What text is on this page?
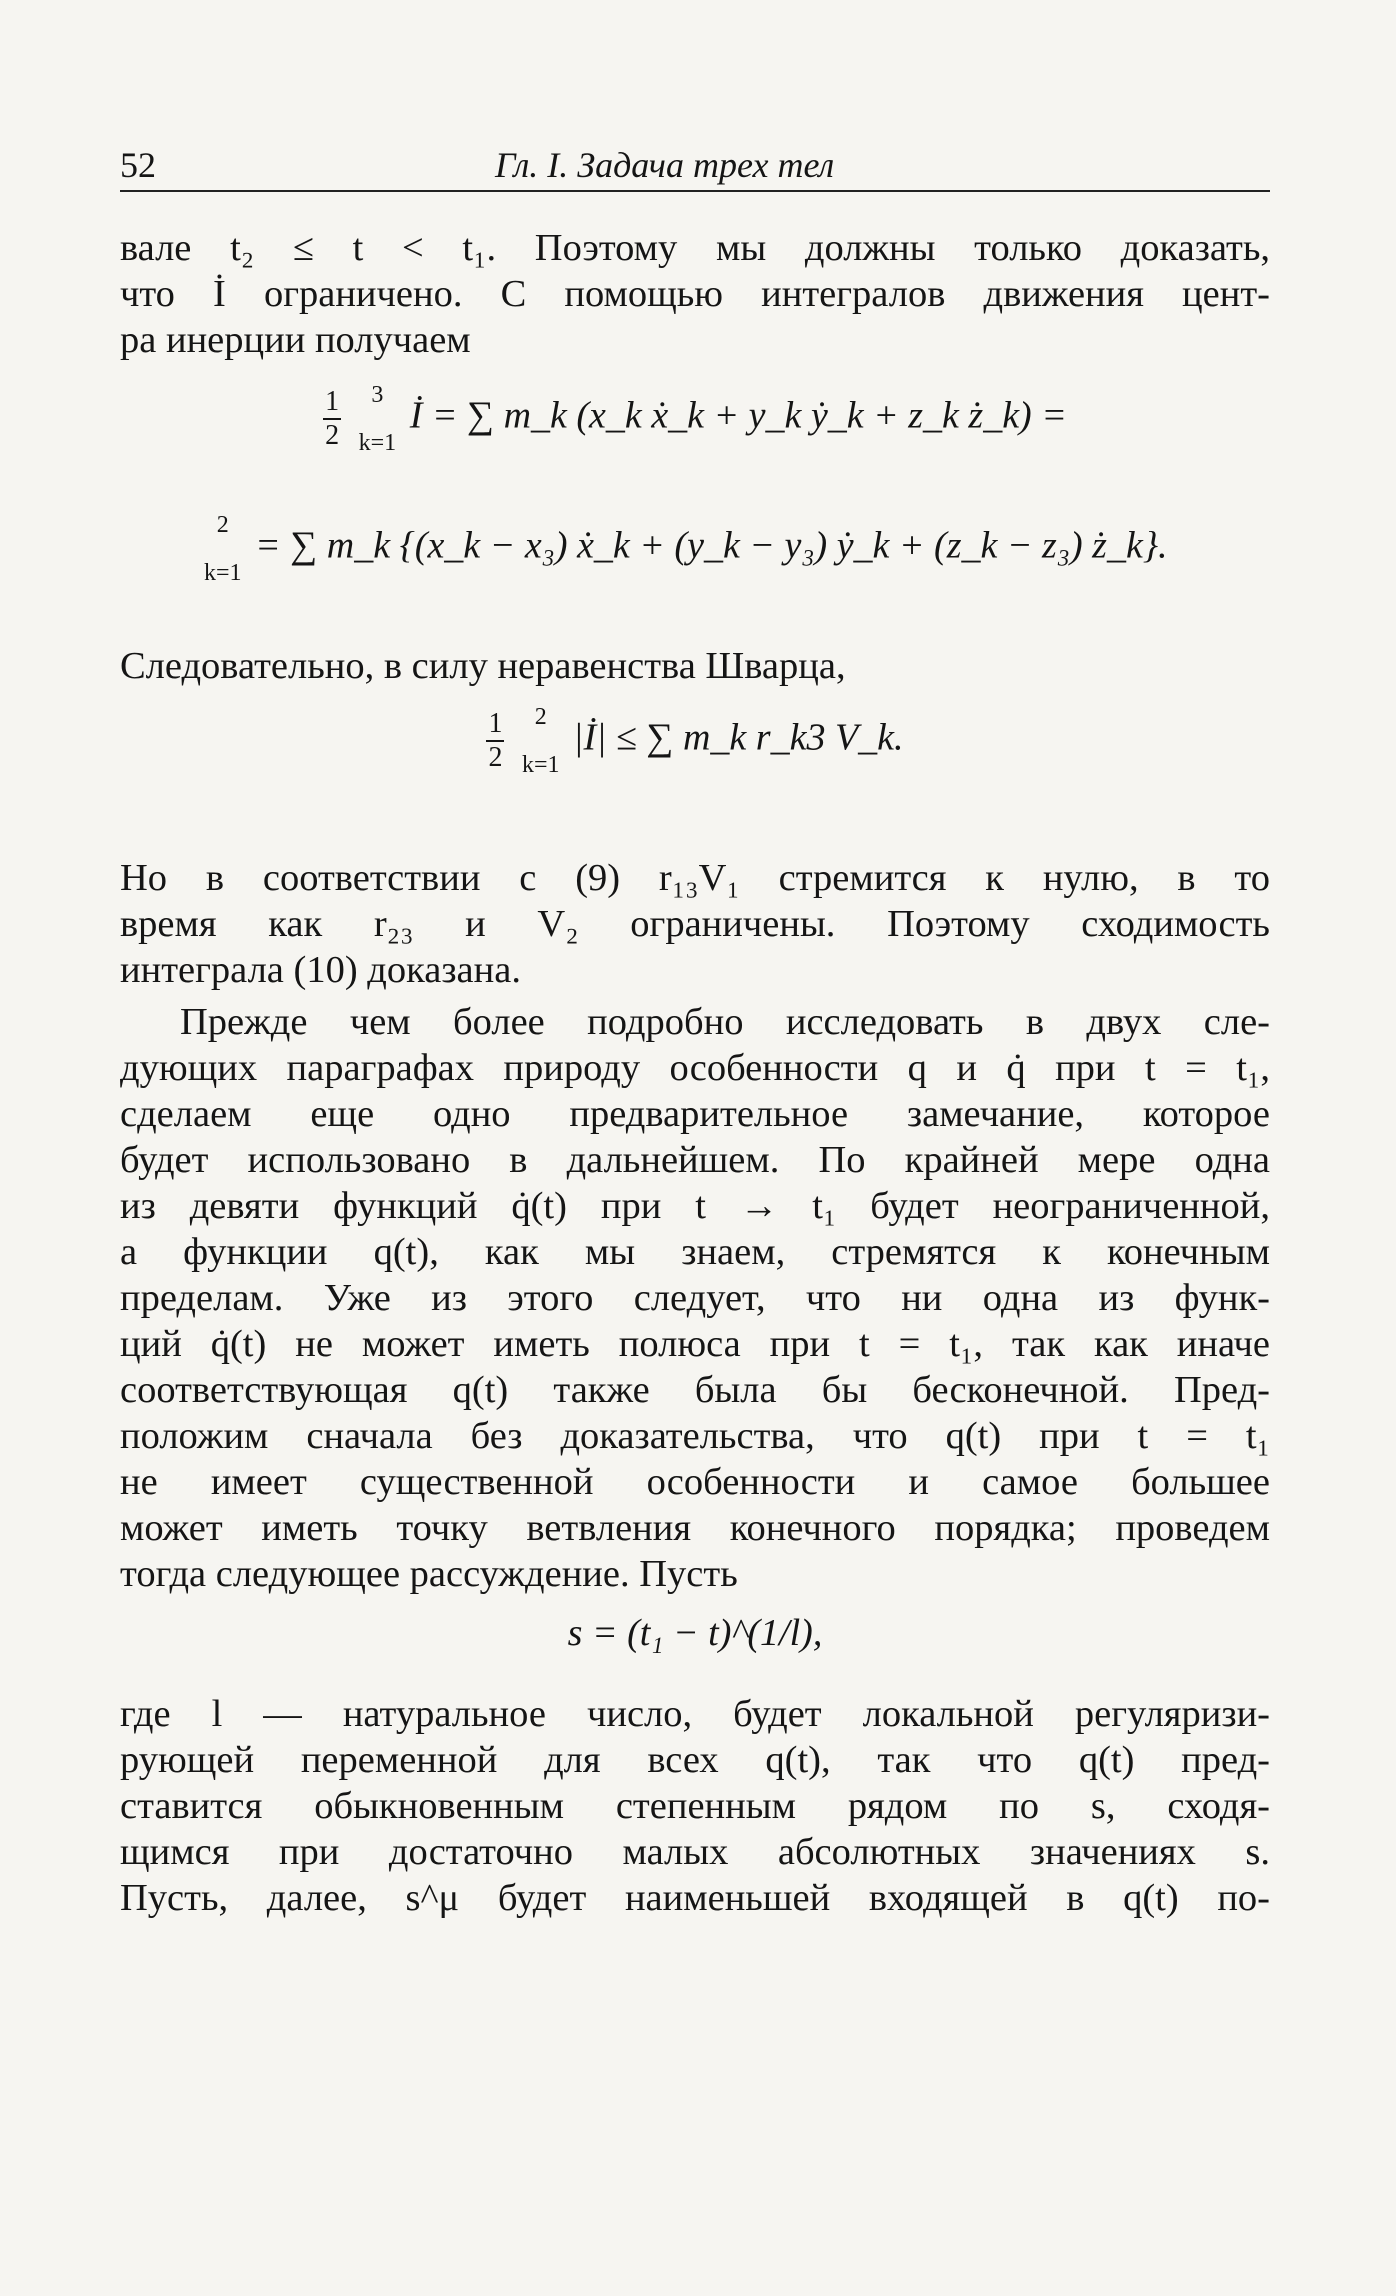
52	Гл. I. Задача трех тел

вале t₂ ≤ t < t₁. Поэтому мы должны только доказать,

что İ ограничено. С помощью интегралов движения цент-

ра инерции получаем

$\frac{1}{2}$
	3
k=1
İ = ∑ m_k (x_k ẋ_k + y_k ẏ_k + z_k ż_k) =
2
k=1
= ∑ m_k {(x_k − x₃) ẋ_k + (y_k − y₃) ẏ_k + (z_k − z₃) ż_k}.

Следовательно, в силу неравенства Шварца,

$\frac{1}{2}$
	2
k=1
|İ| ≤ ∑ m_k r_k3 V_k.

Но в соответствии с (9) r₁₃V₁ стремится к нулю, в то

время как r₂₃ и V₂ ограничены. Поэтому сходимость

интеграла (10) доказана.

Прежде чем более подробно исследовать в двух сле-

дующих параграфах природу особенности q и q̇ при t = t₁,

сделаем еще одно предварительное замечание, которое

будет использовано в дальнейшем. По крайней мере одна

из девяти функций q̇(t) при t → t₁ будет неограниченной,

а функции q(t), как мы знаем, стремятся к конечным

пределам. Уже из этого следует, что ни одна из функ-

ций q̇(t) не может иметь полюса при t = t₁, так как иначе

соответствующая q(t) также была бы бесконечной. Пред-

положим сначала без доказательства, что q(t) при t = t₁

не имеет существенной особенности и самое большее

может иметь точку ветвления конечного порядка; проведем

тогда следующее рассуждение. Пусть

s = (t₁ − t)^(1/l),

где l — натуральное число, будет локальной регуляризи-

рующей переменной для всех q(t), так что q(t) пред-

ставится обыкновенным степенным рядом по s, сходя-

щимся при достаточно малых абсолютных значениях s.

Пусть, далее, s^μ будет наименьшей входящей в q(t) по-
